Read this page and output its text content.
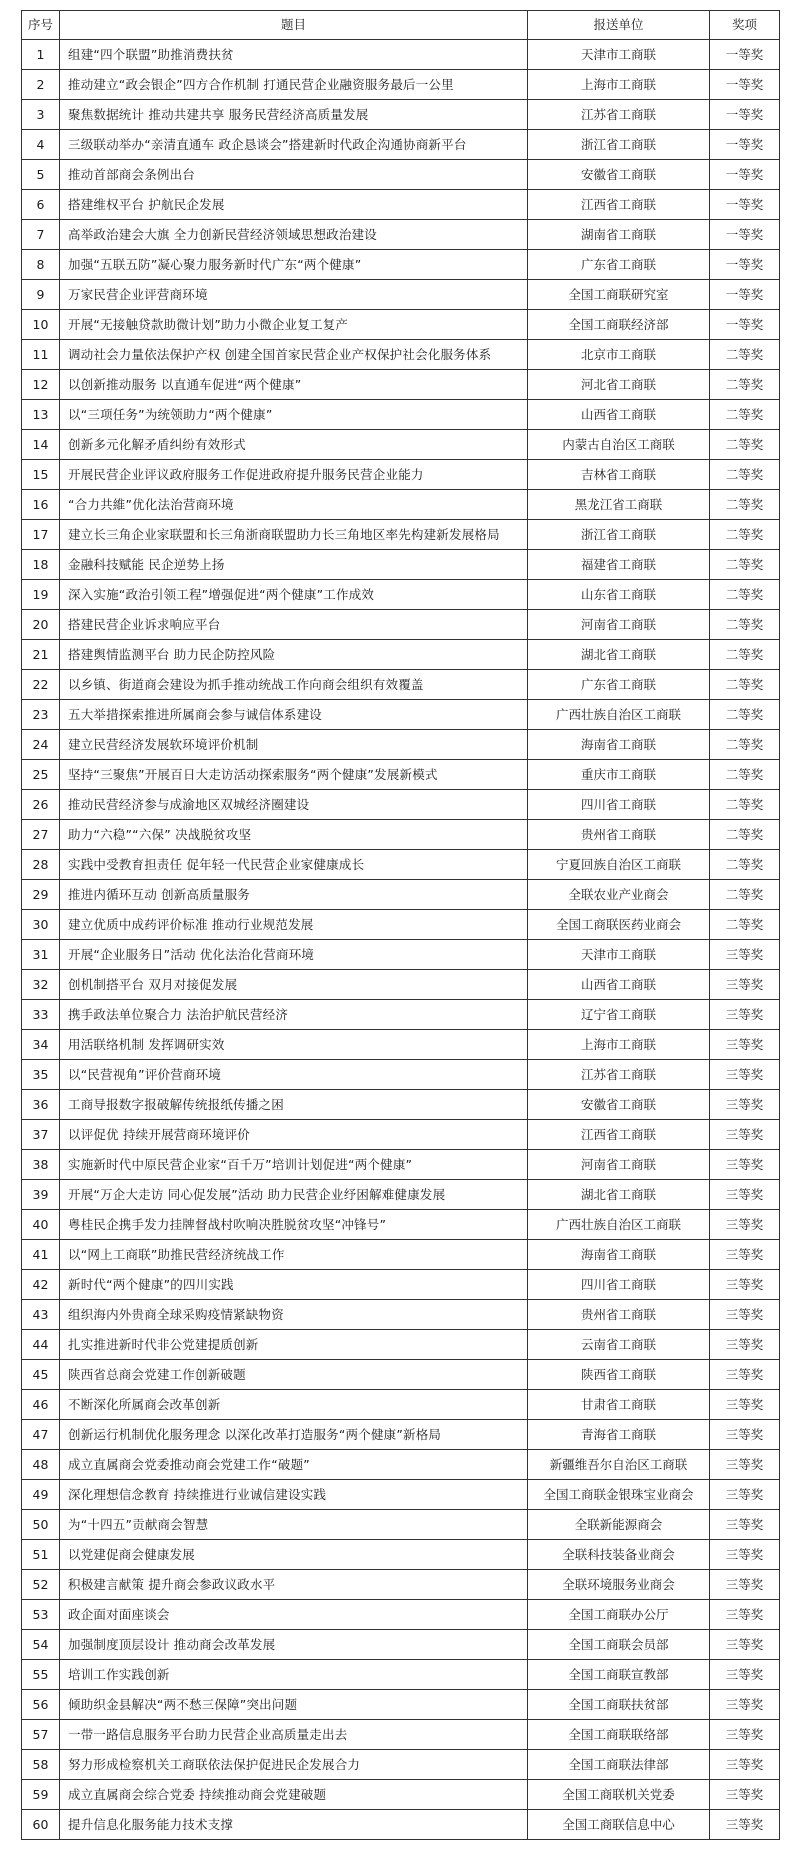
序号	题目	报送单位	奖项
1	组建“四个联盟”助推消费扶贫	天津市工商联	一等奖
2	推动建立“政会银企”四方合作机制 打通民营企业融资服务最后一公里	上海市工商联	一等奖
3	聚焦数据统计 推动共建共享 服务民营经济高质量发展	江苏省工商联	一等奖
4	三级联动举办“亲清直通车 政企恳谈会”搭建新时代政企沟通协商新平台	浙江省工商联	一等奖
5	推动首部商会条例出台	安徽省工商联	一等奖
6	搭建维权平台 护航民企发展	江西省工商联	一等奖
7	高举政治建会大旗 全力创新民营经济领域思想政治建设	湖南省工商联	一等奖
8	加强“五联五防”凝心聚力服务新时代广东“两个健康”	广东省工商联	一等奖
9	万家民营企业评营商环境	全国工商联研究室	一等奖
10	开展“无接触贷款助微计划”助力小微企业复工复产	全国工商联经济部	一等奖
11	调动社会力量依法保护产权 创建全国首家民营企业产权保护社会化服务体系	北京市工商联	二等奖
12	以创新推动服务 以直通车促进“两个健康”	河北省工商联	二等奖
13	以“三项任务”为统领助力“两个健康”	山西省工商联	二等奖
14	创新多元化解矛盾纠纷有效形式	内蒙古自治区工商联	二等奖
15	开展民营企业评议政府服务工作促进政府提升服务民营企业能力	吉林省工商联	二等奖
16	“合力共維”优化法治营商环境	黑龙江省工商联	二等奖
17	建立长三角企业家联盟和长三角浙商联盟助力长三角地区率先构建新发展格局	浙江省工商联	二等奖
18	金融科技赋能 民企逆势上扬	福建省工商联	二等奖
19	深入实施“政治引领工程”增强促进“两个健康”工作成效	山东省工商联	二等奖
20	搭建民营企业诉求响应平台	河南省工商联	二等奖
21	搭建舆情监测平台 助力民企防控风险	湖北省工商联	二等奖
22	以乡镇、街道商会建设为抓手推动统战工作向商会组织有效覆盖	广东省工商联	二等奖
23	五大举措探索推进所属商会参与诚信体系建设	广西壮族自治区工商联	二等奖
24	建立民营经济发展软环境评价机制	海南省工商联	二等奖
25	坚持“三聚焦”开展百日大走访活动探索服务“两个健康”发展新模式	重庆市工商联	二等奖
26	推动民营经济参与成渝地区双城经济圈建设	四川省工商联	二等奖
27	助力“六稳”“六保” 决战脱贫攻坚	贵州省工商联	二等奖
28	实践中受教育担责任 促年轻一代民营企业家健康成长	宁夏回族自治区工商联	二等奖
29	推进内循环互动 创新高质量服务	全联农业产业商会	二等奖
30	建立优质中成药评价标准 推动行业规范发展	全国工商联医药业商会	二等奖
31	开展“企业服务日”活动 优化法治化营商环境	天津市工商联	三等奖
32	创机制搭平台 双月对接促发展	山西省工商联	三等奖
33	携手政法单位聚合力 法治护航民营经济	辽宁省工商联	三等奖
34	用活联络机制 发挥调研实效	上海市工商联	三等奖
35	以“民营视角”评价营商环境	江苏省工商联	三等奖
36	工商导报数字报破解传统报纸传播之困	安徽省工商联	三等奖
37	以评促优 持续开展营商环境评价	江西省工商联	三等奖
38	实施新时代中原民营企业家“百千万”培训计划促进“两个健康”	河南省工商联	三等奖
39	开展“万企大走访 同心促发展”活动 助力民营企业纾困解难健康发展	湖北省工商联	三等奖
40	粤桂民企携手发力挂牌督战村吹响决胜脱贫攻坚“冲锋号”	广西壮族自治区工商联	三等奖
41	以“网上工商联”助推民营经济统战工作	海南省工商联	三等奖
42	新时代“两个健康”的四川实践	四川省工商联	三等奖
43	组织海内外贵商全球采购疫情紧缺物资	贵州省工商联	三等奖
44	扎实推进新时代非公党建提质创新	云南省工商联	三等奖
45	陕西省总商会党建工作创新破题	陕西省工商联	三等奖
46	不断深化所属商会改革创新	甘肃省工商联	三等奖
47	创新运行机制优化服务理念 以深化改革打造服务“两个健康”新格局	青海省工商联	三等奖
48	成立直属商会党委推动商会党建工作“破题”	新疆维吾尔自治区工商联	三等奖
49	深化理想信念教育 持续推进行业诚信建设实践	全国工商联金银珠宝业商会	三等奖
50	为“十四五”贡献商会智慧	全联新能源商会	三等奖
51	以党建促商会健康发展	全联科技装备业商会	三等奖
52	积极建言献策 提升商会参政议政水平	全联环境服务业商会	三等奖
53	政企面对面座谈会	全国工商联办公厅	三等奖
54	加强制度顶层设计 推动商会改革发展	全国工商联会员部	三等奖
55	培训工作实践创新	全国工商联宣教部	三等奖
56	倾助织金县解决“两不愁三保障”突出问题	全国工商联扶贫部	三等奖
57	一带一路信息服务平台助力民营企业高质量走出去	全国工商联联络部	三等奖
58	努力形成检察机关工商联依法保护促进民企发展合力	全国工商联法律部	三等奖
59	成立直属商会综合党委 持续推动商会党建破题	全国工商联机关党委	三等奖
60	提升信息化服务能力技术支撑	全国工商联信息中心	三等奖
